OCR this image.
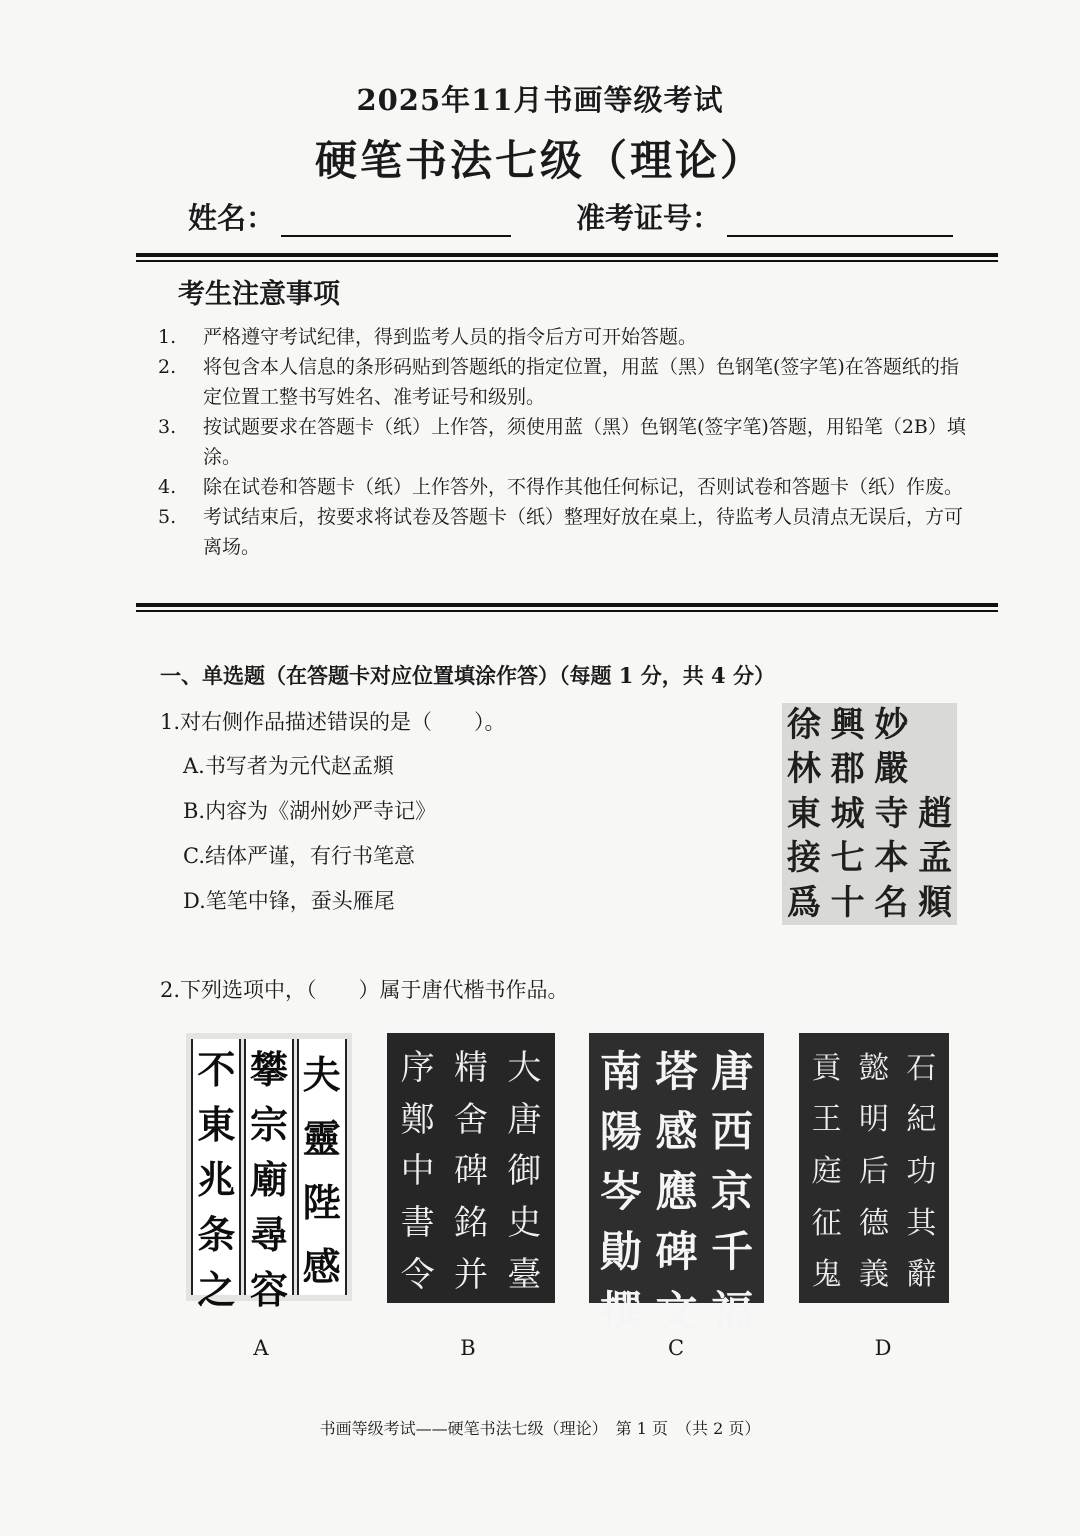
2025年11月书画等级考试
硬笔书法七级（理论）
姓名：	准考证号：
考生注意事项
1.	严格遵守考试纪律，得到监考人员的指令后方可开始答题。
2.	将包含本人信息的条形码贴到答题纸的指定位置，用蓝（黑）色钢笔(签字笔)在答题纸的指定位置工整书写姓名、准考证号和级别。
3.	按试题要求在答题卡（纸）上作答，须使用蓝（黑）色钢笔(签字笔)答题，用铅笔（2B）填涂。
4.	除在试卷和答题卡（纸）上作答外，不得作其他任何标记，否则试卷和答题卡（纸）作废。
5.	考试结束后，按要求将试卷及答题卡（纸）整理好放在桌上，待监考人员清点无误后，方可离场。
一、单选题（在答题卡对应位置填涂作答）（每题 1 分，共 4 分）
1.对右侧作品描述错误的是（　　）。
A.书写者为元代赵孟頫
B.内容为《湖州妙严寺记》
C.结体严谨，有行书笔意
D.笔笔中锋，蚕头雁尾
徐
林
東
接
爲
興
郡
城
七
十
妙
嚴
寺
本
名
趙
孟
頫
2.下列选项中，（　　）属于唐代楷书作品。
夫
靈
陛
感
攀
宗
廟
尋
容
不
東
兆
条
之
大
唐
御
史
臺
精
舍
碑
銘
并
序
鄭
中
書
令
唐
西
京
千
福
塔
感
應
碑
文
南
陽
岑
勛
撰
石
紀
功
其
辭
懿
明
后
德
義
貢
王
庭
征
鬼
A	B	C	D
书画等级考试——硬笔书法七级（理论）　第 1 页　（共 2 页）
